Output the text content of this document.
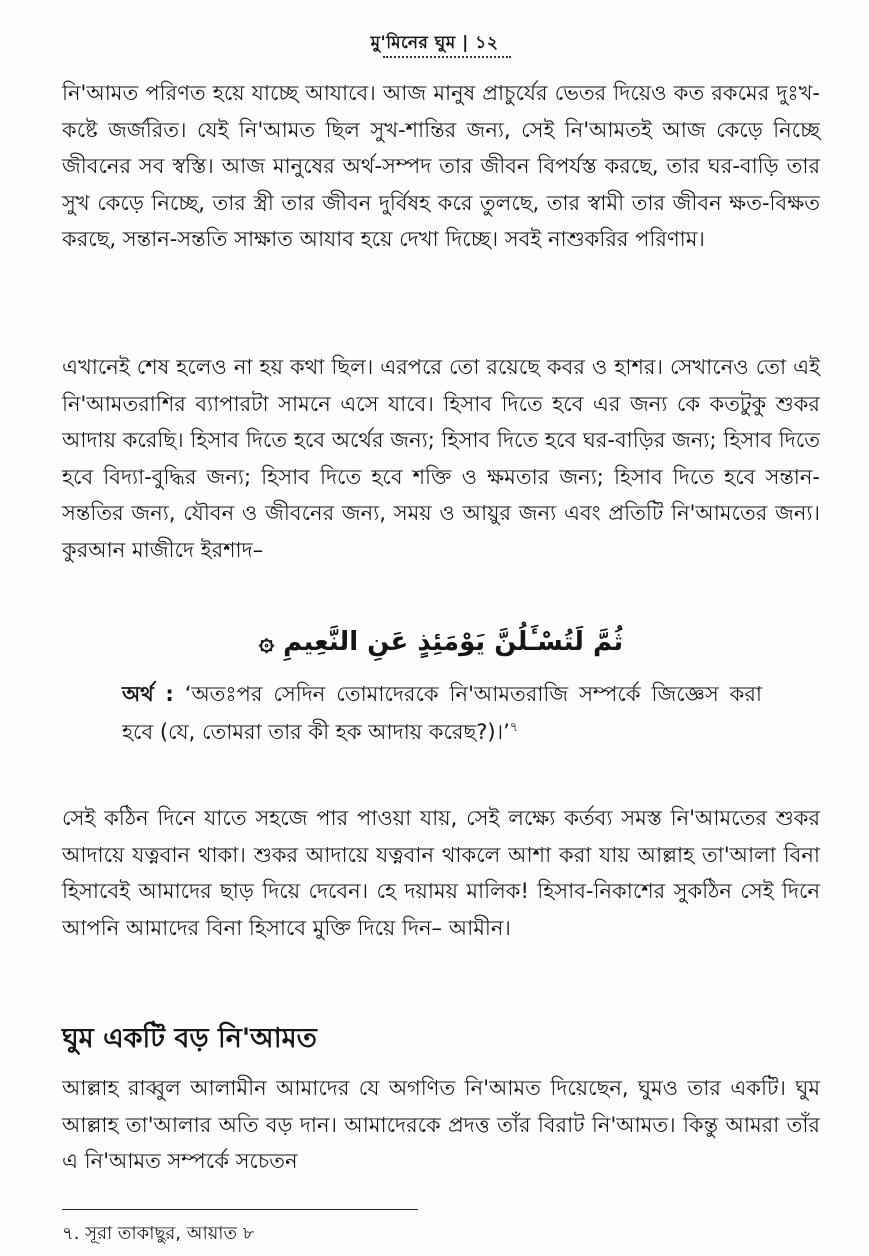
মু'মিনের ঘুম | ১২
নি'আমত পরিণত হয়ে যাচ্ছে আযাবে। আজ মানুষ প্রাচুর্যের ভেতর দিয়েও কত রকমের দুঃখ-কষ্টে জর্জরিত। যেই নি'আমত ছিল সুখ-শান্তির জন্য, সেই নি'আমতই আজ কেড়ে নিচ্ছে জীবনের সব স্বস্তি। আজ মানুষের অর্থ-সম্পদ তার জীবন বিপর্যস্ত করছে, তার ঘর-বাড়ি তার সুখ কেড়ে নিচ্ছে, তার স্ত্রী তার জীবন দুর্বিষহ করে তুলছে, তার স্বামী তার জীবন ক্ষত-বিক্ষত করছে, সন্তান-সন্ততি সাক্ষাত আযাব হয়ে দেখা দিচ্ছে। সবই নাশুকরির পরিণাম।
এখানেই শেষ হলেও না হয় কথা ছিল। এরপরে তো রয়েছে কবর ও হাশর। সেখানেও তো এই নি'আমতরাশির ব্যাপারটা সামনে এসে যাবে। হিসাব দিতে হবে এর জন্য কে কতটুকু শুকর আদায় করেছি। হিসাব দিতে হবে অর্থের জন্য; হিসাব দিতে হবে ঘর-বাড়ির জন্য; হিসাব দিতে হবে বিদ্যা-বুদ্ধির জন্য; হিসাব দিতে হবে শক্তি ও ক্ষমতার জন্য; হিসাব দিতে হবে সন্তান-সন্ততির জন্য, যৌবন ও জীবনের জন্য, সময় ও আয়ুর জন্য এবং প্রতিটি নি'আমতের জন্য। কুরআন মাজীদে ইরশাদ–
ثُمَّ لَتُسْـَٔلُنَّ يَوْمَئِذٍ عَنِ النَّعِيمِ ۞
অর্থ : ‘অতঃপর সেদিন তোমাদেরকে নি'আমতরাজি সম্পর্কে জিজ্ঞেস করা হবে (যে, তোমরা তার কী হক আদায় করেছ?)।’$^৭$
সেই কঠিন দিনে যাতে সহজে পার পাওয়া যায়, সেই লক্ষ্যে কর্তব্য সমস্ত নি'আমতের শুকর আদায়ে যত্নবান থাকা। শুকর আদায়ে যত্নবান থাকলে আশা করা যায় আল্লাহ তা'আলা বিনা হিসাবেই আমাদের ছাড় দিয়ে দেবেন। হে দয়াময় মালিক! হিসাব-নিকাশের সুকঠিন সেই দিনে আপনি আমাদের বিনা হিসাবে মুক্তি দিয়ে দিন– আমীন।
ঘুম একটি বড় নি'আমত
আল্লাহ রাব্বুল আলামীন আমাদের যে অগণিত নি'আমত দিয়েছেন, ঘুমও তার একটি। ঘুম আল্লাহ তা'আলার অতি বড় দান। আমাদেরকে প্রদত্ত তাঁর বিরাট নি'আমত। কিন্তু আমরা তাঁর এ নি'আমত সম্পর্কে সচেতন
৭. সূরা তাকাছুর, আয়াত ৮
